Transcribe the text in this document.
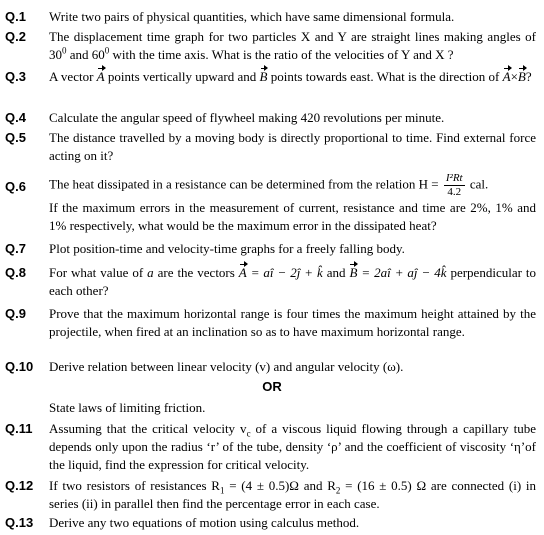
Q.1 Write two pairs of physical quantities, which have same dimensional formula.
Q.2 The displacement time graph for two particles X and Y are straight lines making angles of $30^0$ and $60^0$ with the time axis. What is the ratio of the velocities of Y and X ?
Q.3 A vector A points vertically upward and B points towards east. What is the direction of A×B?
Q.4 Calculate the angular speed of flywheel making 420 revolutions per minute.
Q.5 The distance travelled by a moving body is directly proportional to time. Find external force acting on it?
Q.6 The heat dissipated in a resistance can be determined from the relation $H = \frac{\text{I²Rt}}{4.2}$ cal.
If the maximum errors in the measurement of current, resistance and time are 2%, 1% and 1% respectively, what would be the maximum error in the dissipated heat?
Q.7 Plot position-time and velocity-time graphs for a freely falling body.
Q.8 For what value of a are the vectors A = aî − 2ĵ + k̂ and B = 2aî + aĵ − 4k̂ perpendicular to each other?
Q.9 Prove that the maximum horizontal range is four times the maximum height attained by the projectile, when fired at an inclination so as to have maximum horizontal range.
Q.10 Derive relation between linear velocity (v) and angular velocity (ω).
OR
State laws of limiting friction.
Q.11 Assuming that the critical velocity $v_c$ of a viscous liquid flowing through a capillary tube depends only upon the radius ‘r’ of the tube, density ‘ρ’ and the coefficient of viscosity ‘η’of the liquid, find the expression for critical velocity.
Q.12 If two resistors of resistances $R_1 = (4 \pm 0.5)\Omega$ and $R_2 = (16 \pm 0.5)$ Ω are connected (i) in series (ii) in parallel then find the percentage error in each case.
Q.13 Derive any two equations of motion using calculus method.
